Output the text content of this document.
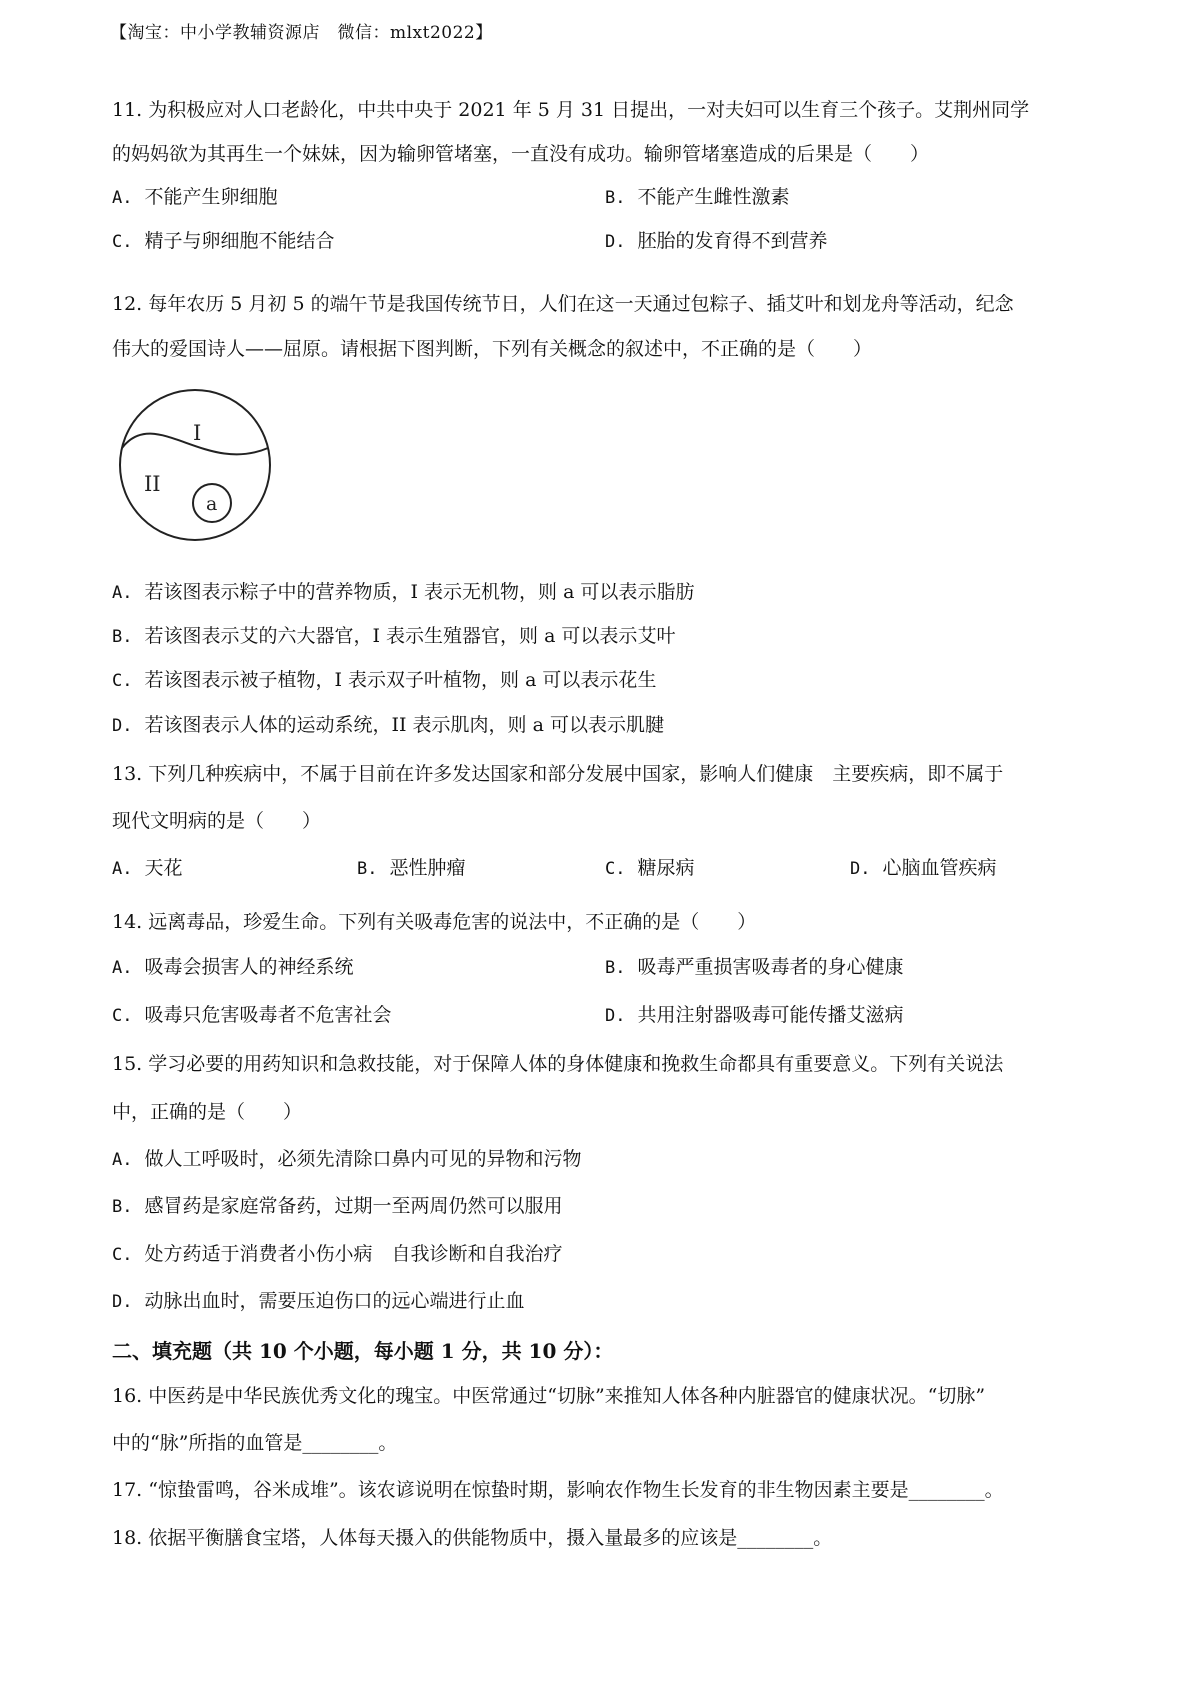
【淘宝：中小学教辅资源店　微信：mlxt2022】
11. 为积极应对人口老龄化，中共中央于 2021 年 5 月 31 日提出，一对夫妇可以生育三个孩子。艾荆州同学
的妈妈欲为其再生一个妹妹，因为输卵管堵塞，一直没有成功。输卵管堵塞造成的后果是（　　）
A. 不能产生卵细胞	B. 不能产生雌性激素
C. 精子与卵细胞不能结合	D. 胚胎的发育得不到营养
12. 每年农历 5 月初 5 的端午节是我国传统节日，人们在这一天通过包粽子、插艾叶和划龙舟等活动，纪念
伟大的爱国诗人——屈原。请根据下图判断，下列有关概念的叙述中，不正确的是（　　）
I
II
a
A. 若该图表示粽子中的营养物质，I 表示无机物，则 a 可以表示脂肪
B. 若该图表示艾的六大器官，I 表示生殖器官，则 a 可以表示艾叶
C. 若该图表示被子植物，I 表示双子叶植物，则 a 可以表示花生
D. 若该图表示人体的运动系统，II 表示肌肉，则 a 可以表示肌腱
13. 下列几种疾病中，不属于目前在许多发达国家和部分发展中国家，影响人们健康　主要疾病，即不属于
现代文明病的是（　　）
A. 天花	B. 恶性肿瘤	C. 糖尿病	D. 心脑血管疾病
14. 远离毒品，珍爱生命。下列有关吸毒危害的说法中，不正确的是（　　）
A. 吸毒会损害人的神经系统	B. 吸毒严重损害吸毒者的身心健康
C. 吸毒只危害吸毒者不危害社会	D. 共用注射器吸毒可能传播艾滋病
15. 学习必要的用药知识和急救技能，对于保障人体的身体健康和挽救生命都具有重要意义。下列有关说法
中，正确的是（　　）
A. 做人工呼吸时，必须先清除口鼻内可见的异物和污物
B. 感冒药是家庭常备药，过期一至两周仍然可以服用
C. 处方药适于消费者小伤小病　自我诊断和自我治疗
D. 动脉出血时，需要压迫伤口的远心端进行止血
二、填充题（共 10 个小题，每小题 1 分，共 10 分）：
16. 中医药是中华民族优秀文化的瑰宝。中医常通过“切脉”来推知人体各种内脏器官的健康状况。“切脉”
中的“脉”所指的血管是________。
17. “惊蛰雷鸣，谷米成堆”。该农谚说明在惊蛰时期，影响农作物生长发育的非生物因素主要是________。
18. 依据平衡膳食宝塔，人体每天摄入的供能物质中，摄入量最多的应该是________。
